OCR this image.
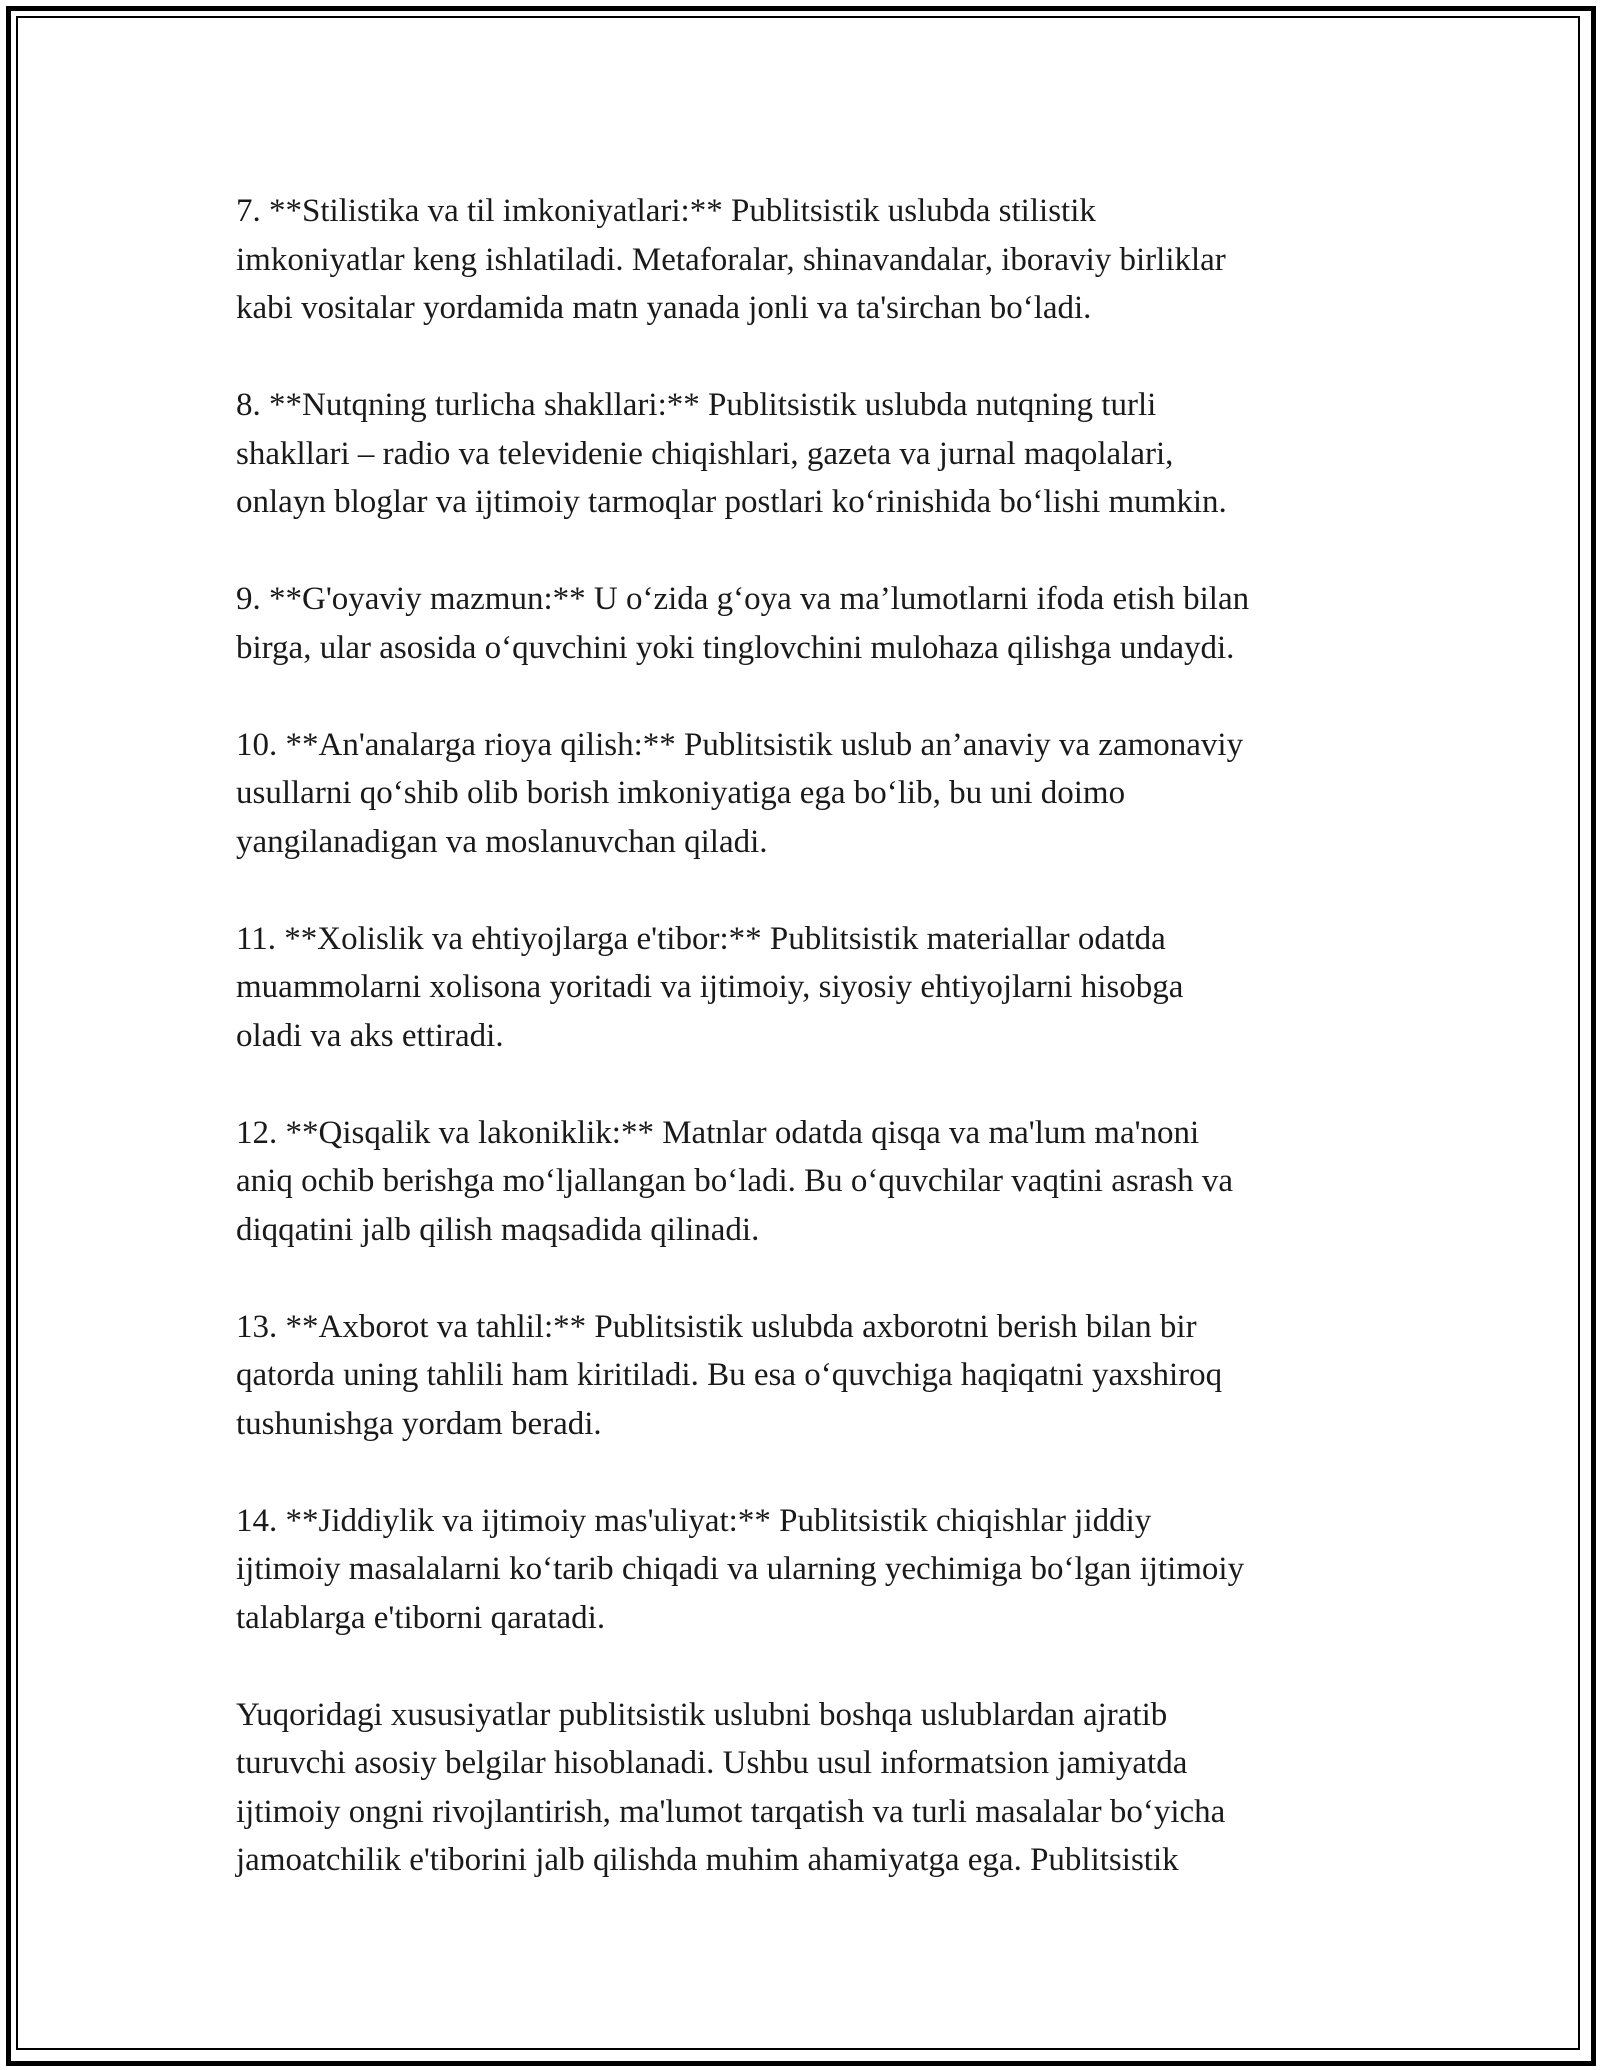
7. **Stilistika va til imkoniyatlari:** Publitsistik uslubda stilistik
imkoniyatlar keng ishlatiladi. Metaforalar, shinavandalar, iboraviy birliklar
kabi vositalar yordamida matn yanada jonli va ta'sirchan bo‘ladi.

8. **Nutqning turlicha shakllari:** Publitsistik uslubda nutqning turli
shakllari – radio va televidenie chiqishlari, gazeta va jurnal maqolalari,
onlayn bloglar va ijtimoiy tarmoqlar postlari ko‘rinishida bo‘lishi mumkin.

9. **G'oyaviy mazmun:** U o‘zida g‘oya va ma’lumotlarni ifoda etish bilan
birga, ular asosida o‘quvchini yoki tinglovchini mulohaza qilishga undaydi.

10. **An'analarga rioya qilish:** Publitsistik uslub an’anaviy va zamonaviy
usullarni qo‘shib olib borish imkoniyatiga ega bo‘lib, bu uni doimo
yangilanadigan va moslanuvchan qiladi.

11. **Xolislik va ehtiyojlarga e'tibor:** Publitsistik materiallar odatda
muammolarni xolisona yoritadi va ijtimoiy, siyosiy ehtiyojlarni hisobga
oladi va aks ettiradi.

12. **Qisqalik va lakoniklik:** Matnlar odatda qisqa va ma'lum ma'noni
aniq ochib berishga mo‘ljallangan bo‘ladi. Bu o‘quvchilar vaqtini asrash va
diqqatini jalb qilish maqsadida qilinadi.

13. **Axborot va tahlil:** Publitsistik uslubda axborotni berish bilan bir
qatorda uning tahlili ham kiritiladi. Bu esa o‘quvchiga haqiqatni yaxshiroq
tushunishga yordam beradi.

14. **Jiddiylik va ijtimoiy mas'uliyat:** Publitsistik chiqishlar jiddiy
ijtimoiy masalalarni ko‘tarib chiqadi va ularning yechimiga bo‘lgan ijtimoiy
talablarga e'tiborni qaratadi.

Yuqoridagi xususiyatlar publitsistik uslubni boshqa uslublardan ajratib
turuvchi asosiy belgilar hisoblanadi. Ushbu usul informatsion jamiyatda
ijtimoiy ongni rivojlantirish, ma'lumot tarqatish va turli masalalar bo‘yicha
jamoatchilik e'tiborini jalb qilishda muhim ahamiyatga ega. Publitsistik
